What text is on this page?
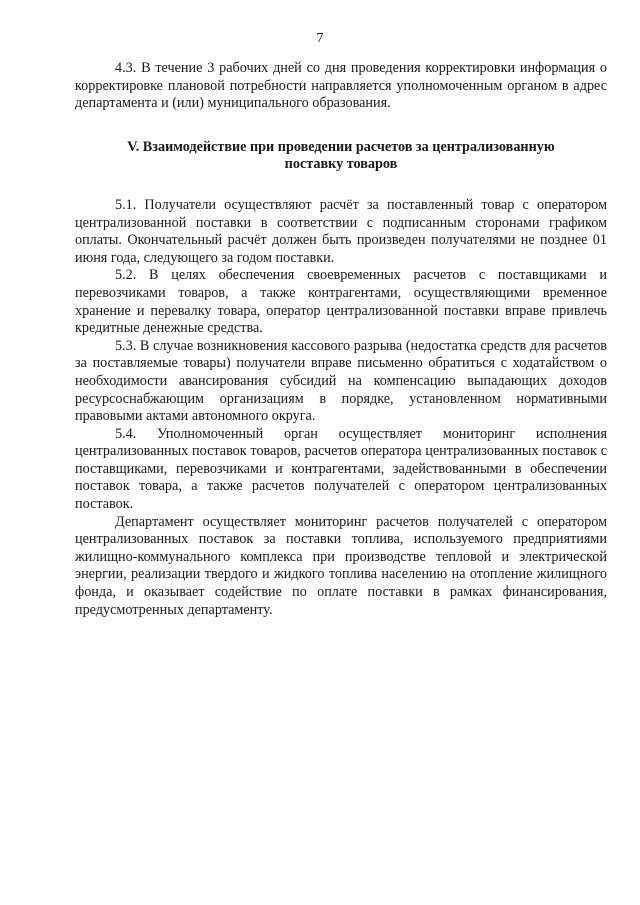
7

4.3. В течение 3 рабочих дней со дня проведения корректировки информация о корректировке плановой потребности направляется уполномоченным органом в адрес департамента и (или) муниципального образования.

V. Взаимодействие при проведении расчетов за централизованную
поставку товаров

5.1. Получатели осуществляют расчёт за поставленный товар с оператором централизованной поставки в соответствии с подписанным сторонами графиком оплаты. Окончательный расчёт должен быть произведен получателями не позднее 01 июня года, следующего за годом поставки.

5.2. В целях обеспечения своевременных расчетов с поставщиками и перевозчиками товаров, а также контрагентами, осуществляющими временное хранение и перевалку товара, оператор централизованной поставки вправе привлечь кредитные денежные средства.

5.3. В случае возникновения кассового разрыва (недостатка средств для расчетов за поставляемые товары) получатели вправе письменно обратиться с ходатайством о необходимости авансирования субсидий на компенсацию выпадающих доходов ресурсоснабжающим организациям в порядке, установленном нормативными правовыми актами автономного округа.

5.4. Уполномоченный орган осуществляет мониторинг исполнения централизованных поставок товаров, расчетов оператора централизованных поставок с поставщиками, перевозчиками и контрагентами, задействованными в обеспечении поставок товара, а также расчетов получателей с оператором централизованных поставок.

Департамент осуществляет мониторинг расчетов получателей с оператором централизованных поставок за поставки топлива, используемого предприятиями жилищно-коммунального комплекса при производстве тепловой и электрической энергии, реализации твердого и жидкого топлива населению на отопление жилищного фонда, и оказывает содействие по оплате поставки в рамках финансирования, предусмотренных департаменту.
